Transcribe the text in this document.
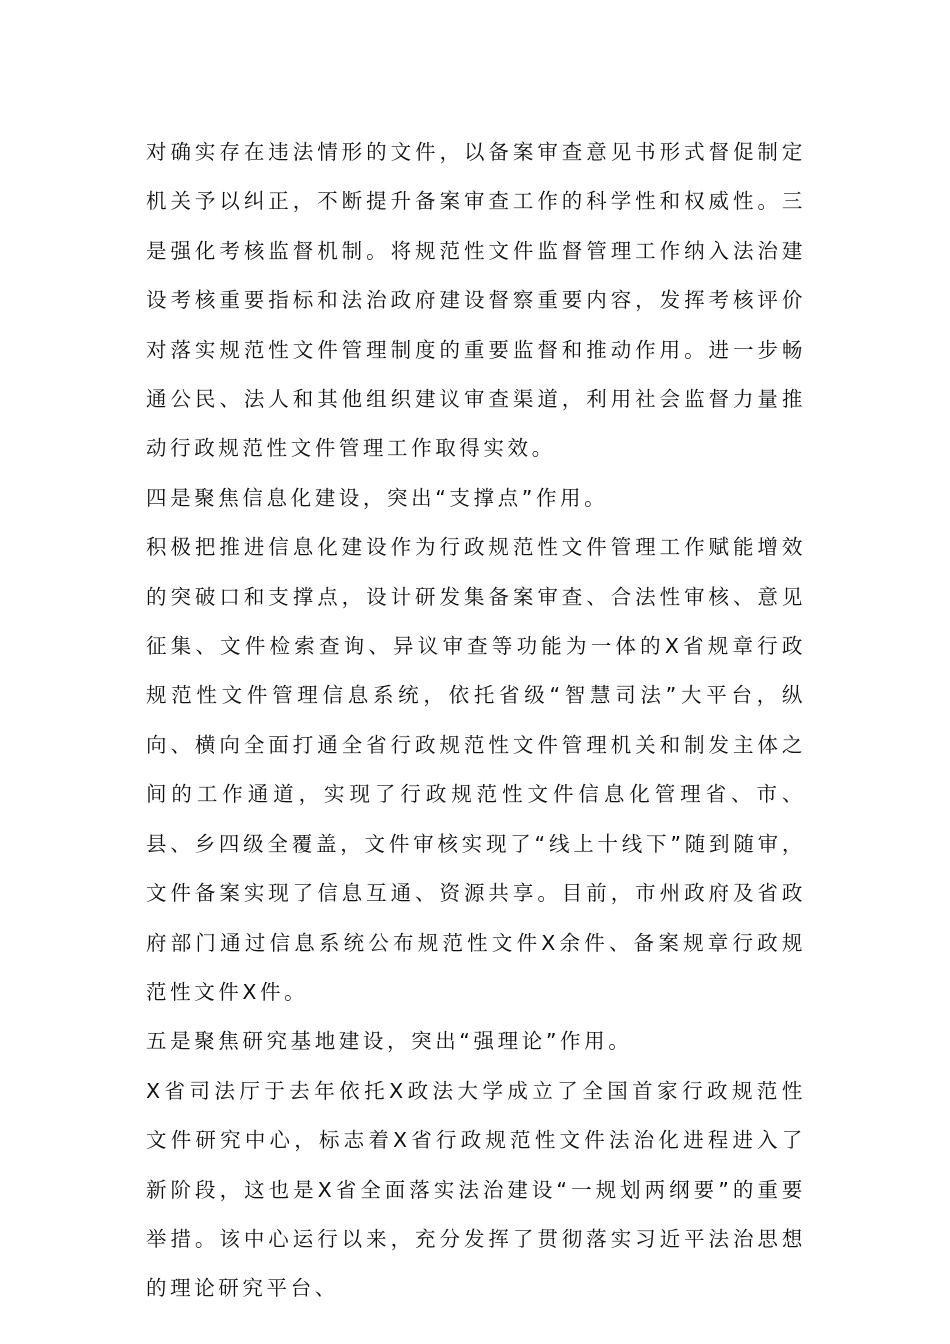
对确实存在违法情形的文件，以备案审查意见书形式督促制定机关予以纠正，不断提升备案审查工作的科学性和权威性。三是强化考核监督机制。将规范性文件监督管理工作纳入法治建设考核重要指标和法治政府建设督察重要内容，发挥考核评价对落实规范性文件管理制度的重要监督和推动作用。进一步畅通公民、法人和其他组织建议审查渠道，利用社会监督力量推动行政规范性文件管理工作取得实效。

四是聚焦信息化建设，突出“支撑点”作用。

积极把推进信息化建设作为行政规范性文件管理工作赋能增效的突破口和支撑点，设计研发集备案审查、合法性审核、意见征集、文件检索查询、异议审查等功能为一体的X省规章行政规范性文件管理信息系统，依托省级“智慧司法”大平台，纵向、横向全面打通全省行政规范性文件管理机关和制发主体之间的工作通道，实现了行政规范性文件信息化管理省、市、县、乡四级全覆盖，文件审核实现了“线上十线下”随到随审，文件备案实现了信息互通、资源共享。目前，市州政府及省政府部门通过信息系统公布规范性文件X余件、备案规章行政规范性文件X件。

五是聚焦研究基地建设，突出“强理论”作用。

X省司法厅于去年依托X政法大学成立了全国首家行政规范性文件研究中心，标志着X省行政规范性文件法治化进程进入了新阶段，这也是X省全面落实法治建设“一规划两纲要”的重要举措。该中心运行以来，充分发挥了贯彻落实习近平法治思想的理论研究平台、
